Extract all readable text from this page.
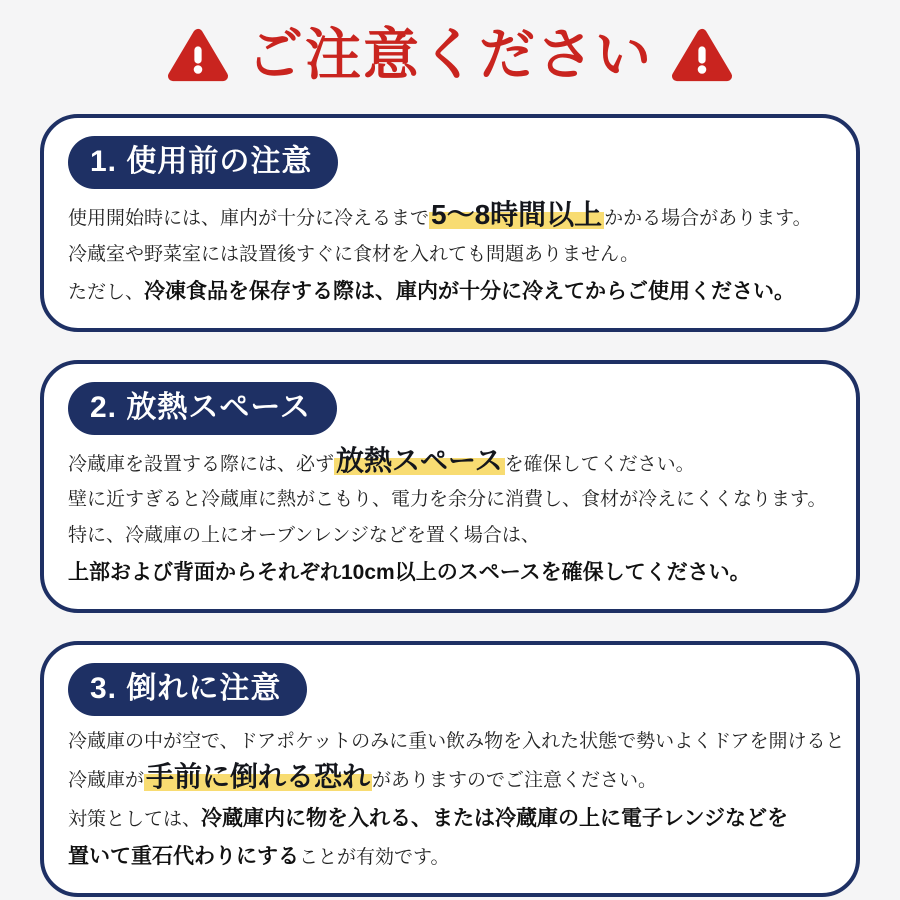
ご注意ください
1. 使用前の注意

使用開始時には、庫内が十分に冷えるまで5〜8時間以上 かかる場合があります。

冷蔵室や野菜室には設置後すぐに食材を入れても問題ありません。

ただし、冷凍食品を保存する際は、庫内が十分に冷えてからご使用ください。

2. 放熱スペース

冷蔵庫を設置する際には、必ず放熱スペース を確保してください。

壁に近すぎると冷蔵庫に熱がこもり、電力を余分に消費し、食材が冷えにくくなります。

特に、冷蔵庫の上にオーブンレンジなどを置く場合は、

上部および背面からそれぞれ10cm以上のスペースを確保してください。

3. 倒れに注意

冷蔵庫の中が空で、ドアポケットのみに重い飲み物を入れた状態で勢いよくドアを開けると

冷蔵庫が手前に倒れる恐れ がありますのでご注意ください。

対策としては、冷蔵庫内に物を入れる、または冷蔵庫の上に電子レンジなどを

置いて重石代わりにすることが有効です。
